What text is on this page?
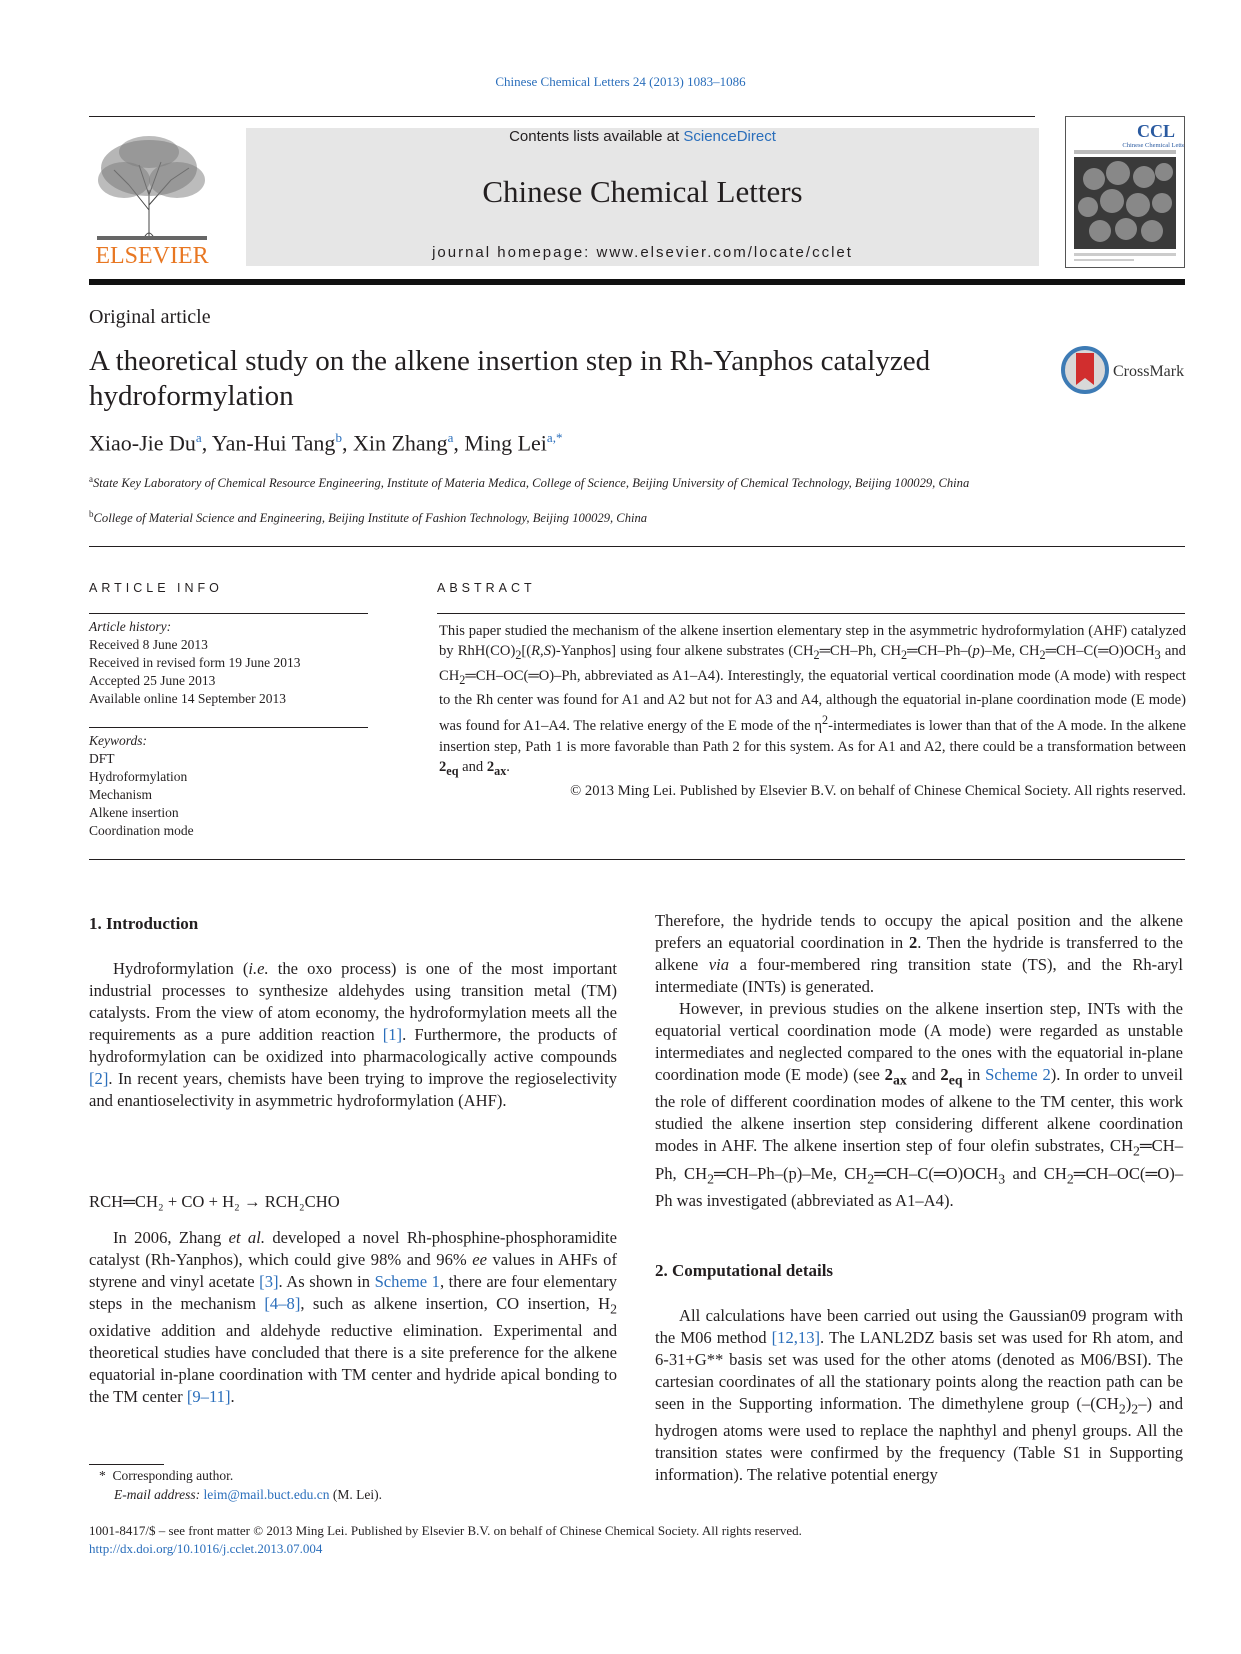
Chinese Chemical Letters 24 (2013) 1083–1086
ELSEVIER
Contents lists available at ScienceDirect
Chinese Chemical Letters
journal homepage: www.elsevier.com/locate/cclet
CCL
Chinese Chemical Letters
Original article
A theoretical study on the alkene insertion step in Rh-Yanphos catalyzed hydroformylation
CrossMark
Xiao-Jie Du$^a$, Yan-Hui Tang$^b$, Xin Zhang$^a$, Ming Lei$^{a,*}$
$^a$State Key Laboratory of Chemical Resource Engineering, Institute of Materia Medica, College of Science, Beijing University of Chemical Technology, Beijing 100029, China
$^b$College of Material Science and Engineering, Beijing Institute of Fashion Technology, Beijing 100029, China
ARTICLE INFO	ABSTRACT
Article history:
Received 8 June 2013
Received in revised form 19 June 2013
Accepted 25 June 2013
Available online 14 September 2013
Keywords:
DFT
Hydroformylation
Mechanism
Alkene insertion
Coordination mode
This paper studied the mechanism of the alkene insertion elementary step in the asymmetric hydroformylation (AHF) catalyzed by $RhH(CO)_2[(R,S)-Yanphos]$ using four alkene substrates ($CH_2═CH-Ph$, $CH_2═CH-Ph-(p)-Me$, $CH_2═CH-C(═O)OCH_3$ and $CH_2═CH-OC(═O)-Ph$, abbreviated as A1–A4). Interestingly, the equatorial vertical coordination mode (A mode) with respect to the Rh center was found for A1 and A2 but not for A3 and A4, although the equatorial in-plane coordination mode (E mode) was found for A1–A4. The relative energy of the E mode of the $\eta^2$-intermediates is lower than that of the A mode. In the alkene insertion step, Path 1 is more favorable than Path 2 for this system. As for A1 and A2, there could be a transformation between $2_{eq}$ and $2_{ax}$.
© 2013 Ming Lei. Published by Elsevier B.V. on behalf of Chinese Chemical Society. All rights reserved.
1. Introduction

Hydroformylation (i.e. the oxo process) is one of the most important industrial processes to synthesize aldehydes using transition metal (TM) catalysts. From the view of atom economy, the hydroformylation meets all the requirements as a pure addition reaction [1]. Furthermore, the products of hydroformylation can be oxidized into pharmacologically active compounds [2]. In recent years, chemists have been trying to improve the regioselectivity and enantioselectivity in asymmetric hydroformylation (AHF).

RCH═CH₂ + CO + H₂ → RCH₂CHO

In 2006, Zhang et al. developed a novel Rh-phosphine-phosphoramidite catalyst (Rh-Yanphos), which could give 98% and 96% ee values in AHFs of styrene and vinyl acetate [3]. As shown in Scheme 1, there are four elementary steps in the mechanism [4–8], such as alkene insertion, CO insertion, $H_2$ oxidative addition and aldehyde reductive elimination. Experimental and theoretical studies have concluded that there is a site preference for the alkene equatorial in-plane coordination with TM center and hydride apical bonding to the TM center [9–11].

*  Corresponding author.
E-mail address: leim@mail.buct.edu.cn (M. Lei).

Therefore, the hydride tends to occupy the apical position and the alkene prefers an equatorial coordination in 2. Then the hydride is transferred to the alkene via a four-membered ring transition state (TS), and the Rh-aryl intermediate (INTs) is generated.

However, in previous studies on the alkene insertion step, INTs with the equatorial vertical coordination mode (A mode) were regarded as unstable intermediates and neglected compared to the ones with the equatorial in-plane coordination mode (E mode) (see $2_{ax}$ and $2_{eq}$ in Scheme 2). In order to unveil the role of different coordination modes of alkene to the TM center, this work studied the alkene insertion step considering different alkene coordination modes in AHF. The alkene insertion step of four olefin substrates, $CH_2═CH-Ph$, $CH_2═CH-Ph-(p)-Me$, $CH_2═CH-C(═O)OCH_3$ and $CH_2═CH-OC(═O)-Ph$ was investigated (abbreviated as A1–A4).

2. Computational details

All calculations have been carried out using the Gaussian09 program with the M06 method [12,13]. The LANL2DZ basis set was used for Rh atom, and 6-31+G** basis set was used for the other atoms (denoted as M06/BSI). The cartesian coordinates of all the stationary points along the reaction path can be seen in the Supporting information. The dimethylene group $(-(CH_2)_2-)$ and hydrogen atoms were used to replace the naphthyl and phenyl groups. All the transition states were confirmed by the frequency (Table S1 in Supporting information). The relative potential energy

1001-8417/$ – see front matter © 2013 Ming Lei. Published by Elsevier B.V. on behalf of Chinese Chemical Society. All rights reserved.
http://dx.doi.org/10.1016/j.cclet.2013.07.004
